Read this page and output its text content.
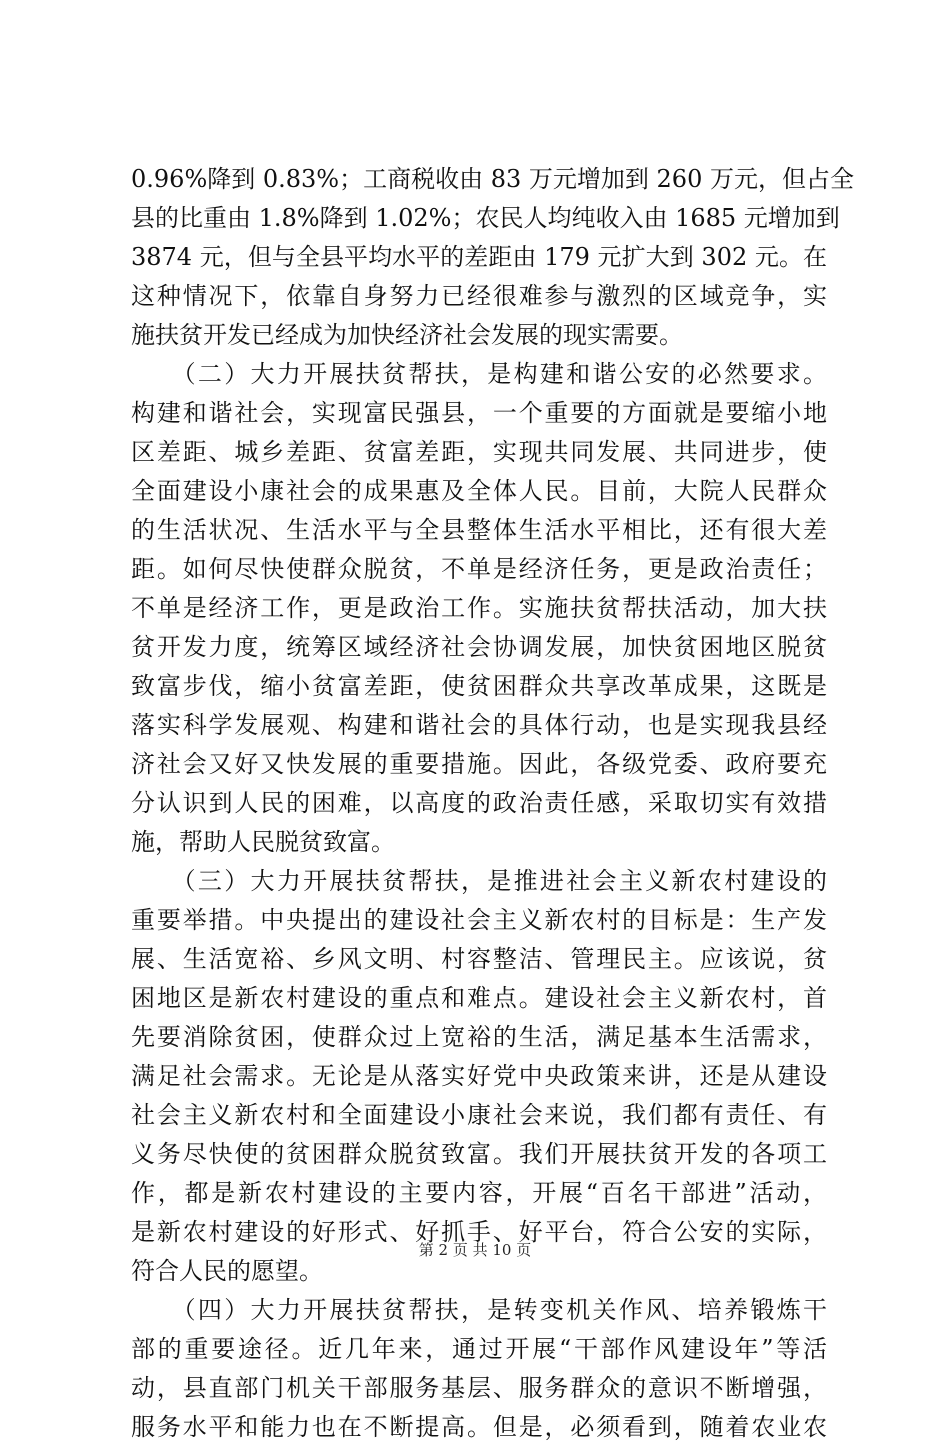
0.96%降到 0.83%；工商税收由 83 万元增加到 260 万元，但占全
县的比重由 1.8%降到 1.02%；农民人均纯收入由 1685 元增加到
3874 元，但与全县平均水平的差距由 179 元扩大到 302 元。在
这种情况下，依靠自身努力已经很难参与激烈的区域竞争，实
施扶贫开发已经成为加快经济社会发展的现实需要。
　　（二）大力开展扶贫帮扶，是构建和谐公安的必然要求。
构建和谐社会，实现富民强县，一个重要的方面就是要缩小地
区差距、城乡差距、贫富差距，实现共同发展、共同进步，使
全面建设小康社会的成果惠及全体人民。目前，大院人民群众
的生活状况、生活水平与全县整体生活水平相比，还有很大差
距。如何尽快使群众脱贫，不单是经济任务，更是政治责任；
不单是经济工作，更是政治工作。实施扶贫帮扶活动，加大扶
贫开发力度，统筹区域经济社会协调发展，加快贫困地区脱贫
致富步伐，缩小贫富差距，使贫困群众共享改革成果，这既是
落实科学发展观、构建和谐社会的具体行动，也是实现我县经
济社会又好又快发展的重要措施。因此，各级党委、政府要充
分认识到人民的困难，以高度的政治责任感，采取切实有效措
施，帮助人民脱贫致富。
　　（三）大力开展扶贫帮扶，是推进社会主义新农村建设的
重要举措。中央提出的建设社会主义新农村的目标是：生产发
展、生活宽裕、乡风文明、村容整洁、管理民主。应该说，贫
困地区是新农村建设的重点和难点。建设社会主义新农村，首
先要消除贫困，使群众过上宽裕的生活，满足基本生活需求，
满足社会需求。无论是从落实好党中央政策来讲，还是从建设
社会主义新农村和全面建设小康社会来说，我们都有责任、有
义务尽快使的贫困群众脱贫致富。我们开展扶贫开发的各项工
作，都是新农村建设的主要内容，开展“百名干部进”活动，
是新农村建设的好形式、好抓手、好平台，符合公安的实际，
符合人民的愿望。
　　（四）大力开展扶贫帮扶，是转变机关作风、培养锻炼干
部的重要途径。近几年来，通过开展“干部作风建设年”等活
动，县直部门机关干部服务基层、服务群众的意识不断增强，
服务水平和能力也在不断提高。但是，必须看到，随着农业农
第 2 页 共 10 页
